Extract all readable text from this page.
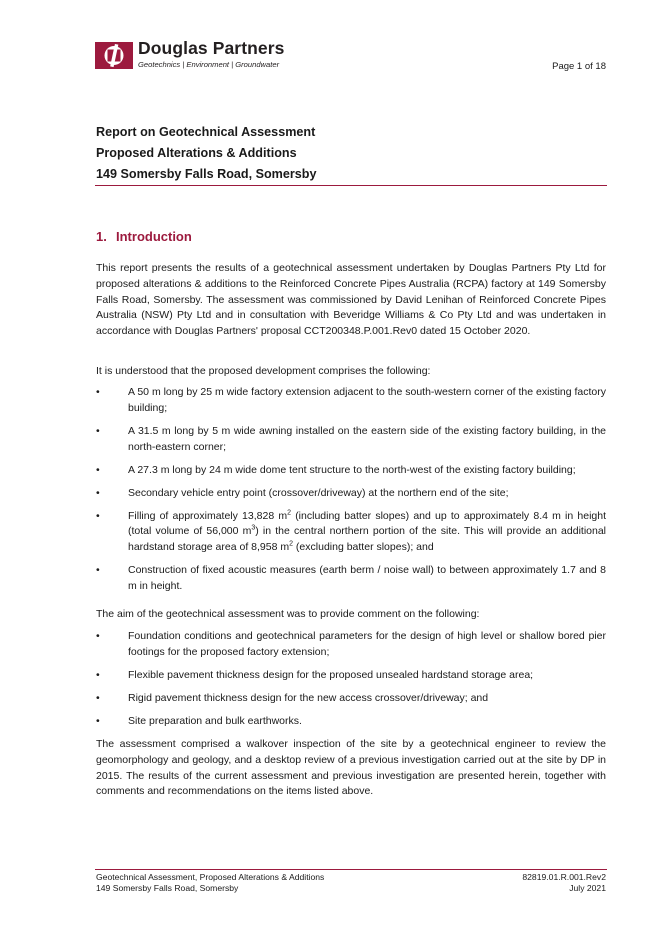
Douglas Partners
Geotechnics | Environment | Groundwater	Page 1 of 18
Report on Geotechnical Assessment
Proposed Alterations & Additions
149 Somersby Falls Road, Somersby
1. Introduction

This report presents the results of a geotechnical assessment undertaken by Douglas Partners Pty Ltd for proposed alterations & additions to the Reinforced Concrete Pipes Australia (RCPA) factory at 149 Somersby Falls Road, Somersby. The assessment was commissioned by David Lenihan of Reinforced Concrete Pipes Australia (NSW) Pty Ltd and in consultation with Beveridge Williams & Co Pty Ltd and was undertaken in accordance with Douglas Partners' proposal CCT200348.P.001.Rev0 dated 15 October 2020.

It is understood that the proposed development comprises the following:

•	A 50 m long by 25 m wide factory extension adjacent to the south-western corner of the existing factory building;
•	A 31.5 m long by 5 m wide awning installed on the eastern side of the existing factory building, in the north-eastern corner;
•	A 27.3 m long by 24 m wide dome tent structure to the north-west of the existing factory building;
•	Secondary vehicle entry point (crossover/driveway) at the northern end of the site;
•	Filling of approximately 13,828 $m^2$ (including batter slopes) and up to approximately 8.4 m in height (total volume of 56,000 $m^3$) in the central northern portion of the site. This will provide an additional hardstand storage area of 8,958 $m^2$ (excluding batter slopes); and
•	Construction of fixed acoustic measures (earth berm / noise wall) to between approximately 1.7 and 8 m in height.

The aim of the geotechnical assessment was to provide comment on the following:

•	Foundation conditions and geotechnical parameters for the design of high level or shallow bored pier footings for the proposed factory extension;
•	Flexible pavement thickness design for the proposed unsealed hardstand storage area;
•	Rigid pavement thickness design for the new access crossover/driveway; and
•	Site preparation and bulk earthworks.

The assessment comprised a walkover inspection of the site by a geotechnical engineer to review the geomorphology and geology, and a desktop review of a previous investigation carried out at the site by DP in 2015. The results of the current assessment and previous investigation are presented herein, together with comments and recommendations on the items listed above.

Geotechnical Assessment, Proposed Alterations & Additions
149 Somersby Falls Road, Somersby
82819.01.R.001.Rev2
July 2021
